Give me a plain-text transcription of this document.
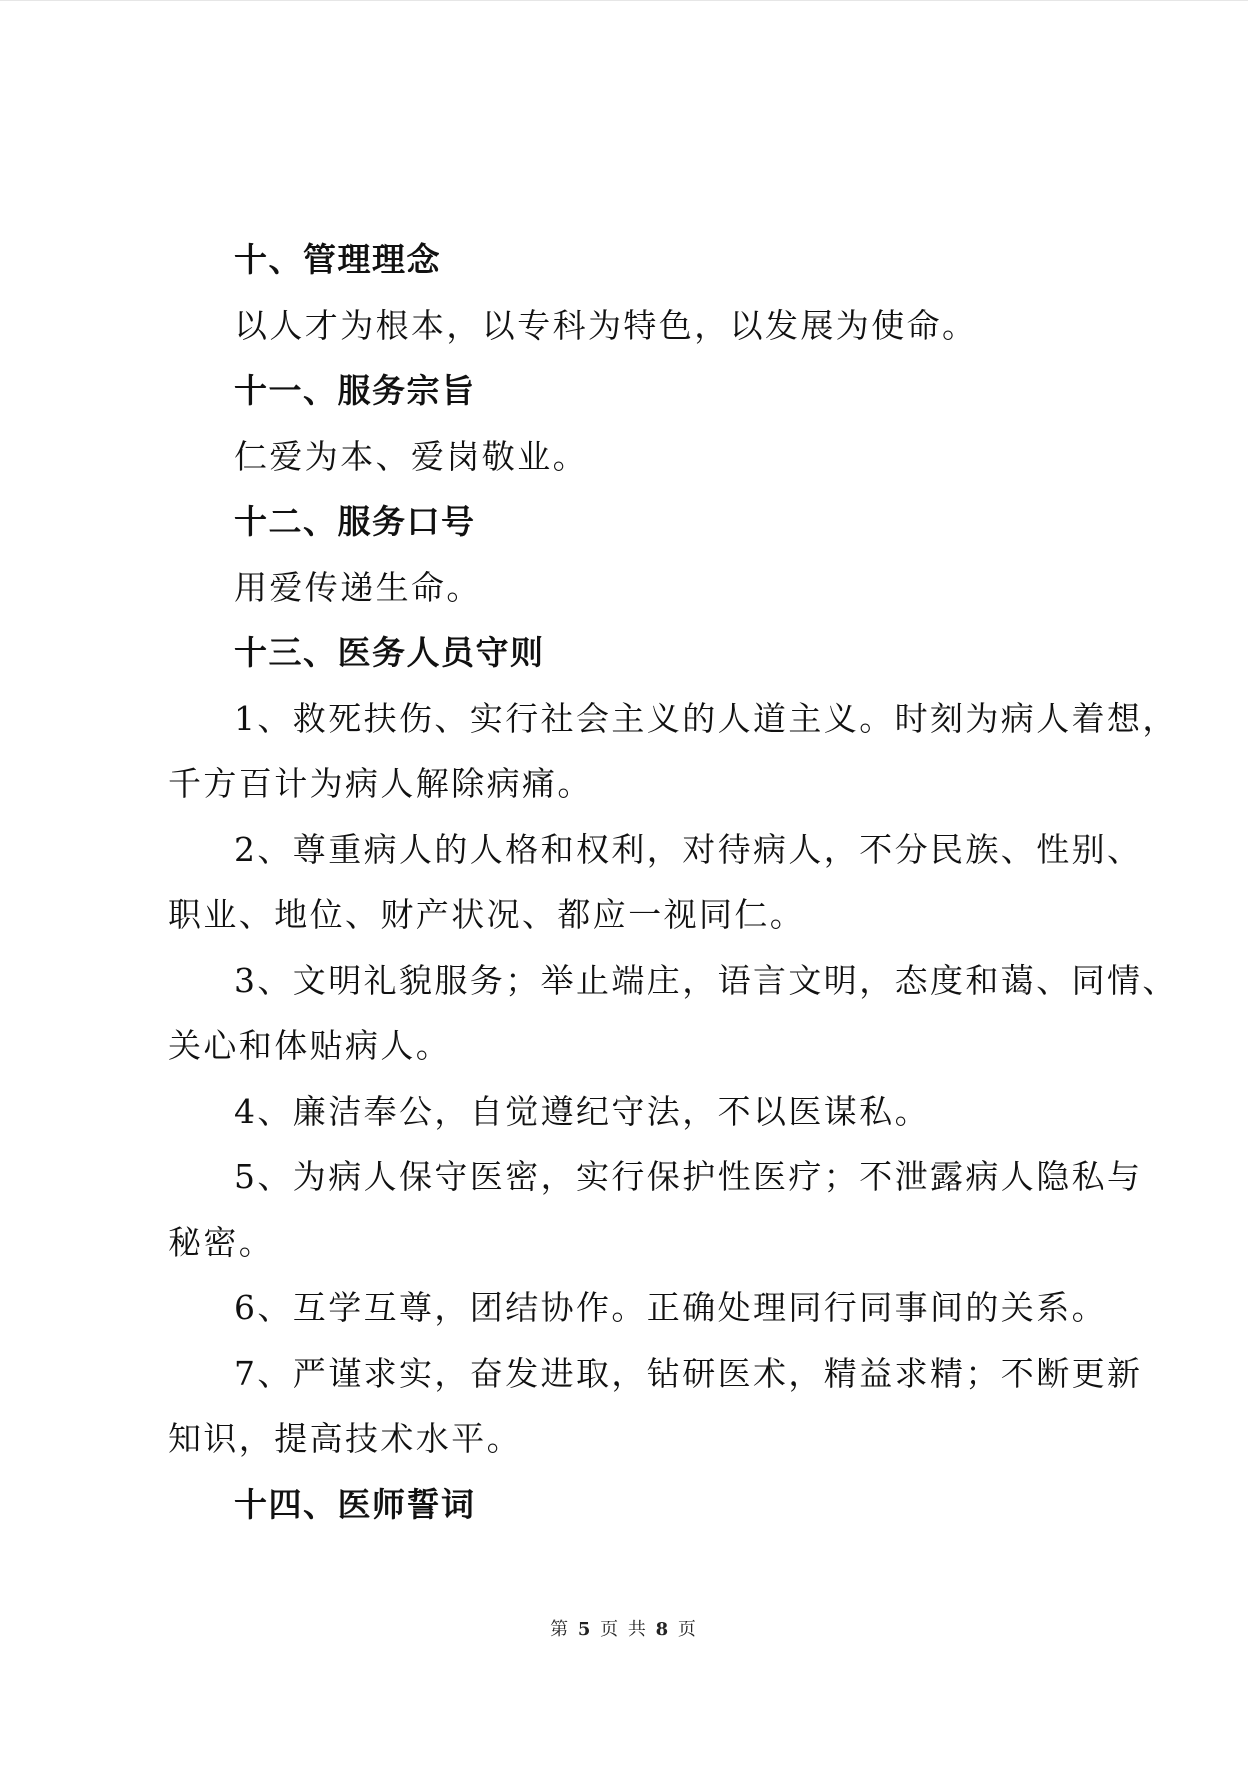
十、管理理念
以人才为根本，以专科为特色，以发展为使命。
十一、服务宗旨
仁爱为本、爱岗敬业。
十二、服务口号
用爱传递生命。
十三、医务人员守则
1、救死扶伤、实行社会主义的人道主义。时刻为病人着想，
千方百计为病人解除病痛。
2、尊重病人的人格和权利，对待病人，不分民族、性别、
职业、地位、财产状况、都应一视同仁。
3、文明礼貌服务；举止端庄，语言文明，态度和蔼、同情、
关心和体贴病人。
4、廉洁奉公，自觉遵纪守法，不以医谋私。
5、为病人保守医密，实行保护性医疗；不泄露病人隐私与
秘密。
6、互学互尊，团结协作。正确处理同行同事间的关系。
7、严谨求实，奋发进取，钻研医术，精益求精；不断更新
知识，提高技术水平。
十四、医师誓词
第 5 页 共 8 页
